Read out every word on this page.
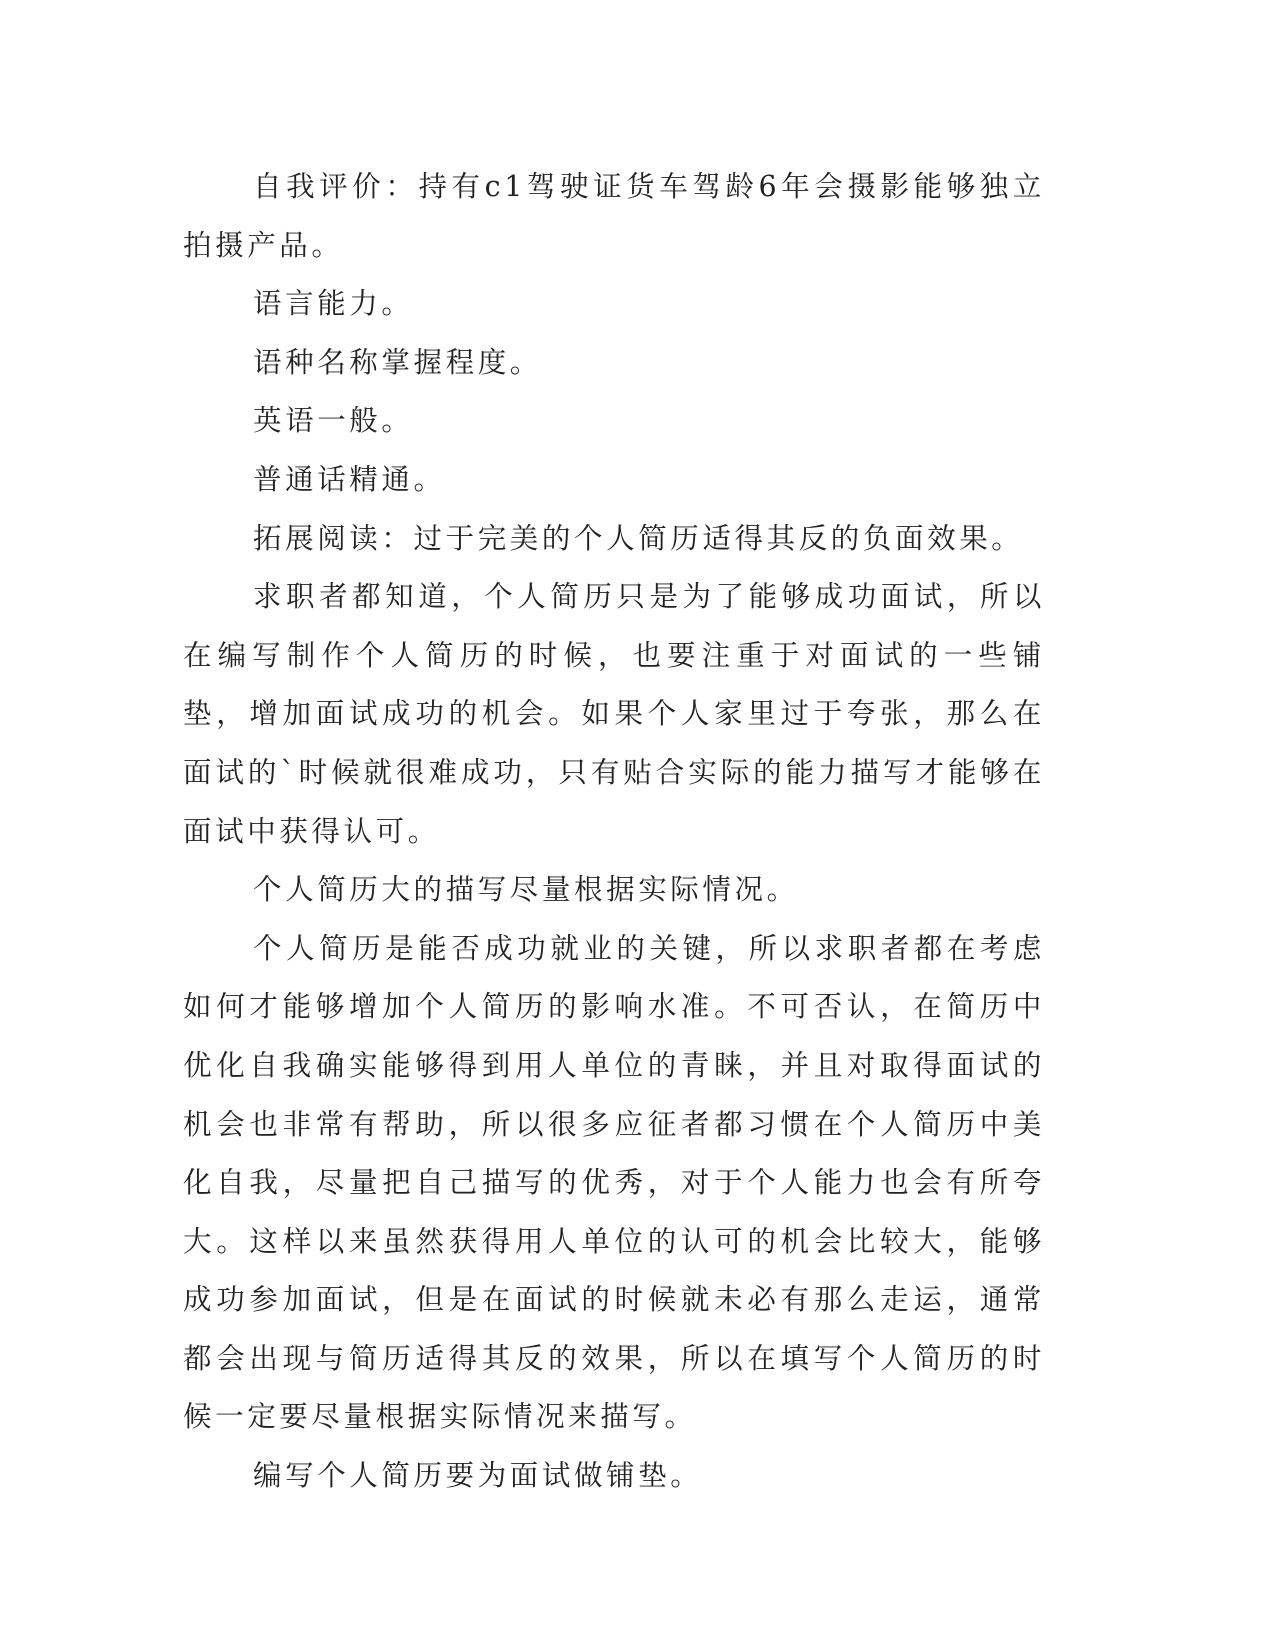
自我评价：持有c1驾驶证货车驾龄6年会摄影能够独立拍摄产品。

语言能力。

语种名称掌握程度。

英语一般。

普通话精通。

拓展阅读：过于完美的个人简历适得其反的负面效果。

求职者都知道，个人简历只是为了能够成功面试，所以在编写制作个人简历的时候，也要注重于对面试的一些铺垫，增加面试成功的机会。如果个人家里过于夸张，那么在面试的`时候就很难成功，只有贴合实际的能力描写才能够在面试中获得认可。

个人简历大的描写尽量根据实际情况。

个人简历是能否成功就业的关键，所以求职者都在考虑如何才能够增加个人简历的影响水准。不可否认，在简历中优化自我确实能够得到用人单位的青睐，并且对取得面试的机会也非常有帮助，所以很多应征者都习惯在个人简历中美化自我，尽量把自己描写的优秀，对于个人能力也会有所夸大。这样以来虽然获得用人单位的认可的机会比较大，能够成功参加面试，但是在面试的时候就未必有那么走运，通常都会出现与简历适得其反的效果，所以在填写个人简历的时候一定要尽量根据实际情况来描写。

编写个人简历要为面试做铺垫。
